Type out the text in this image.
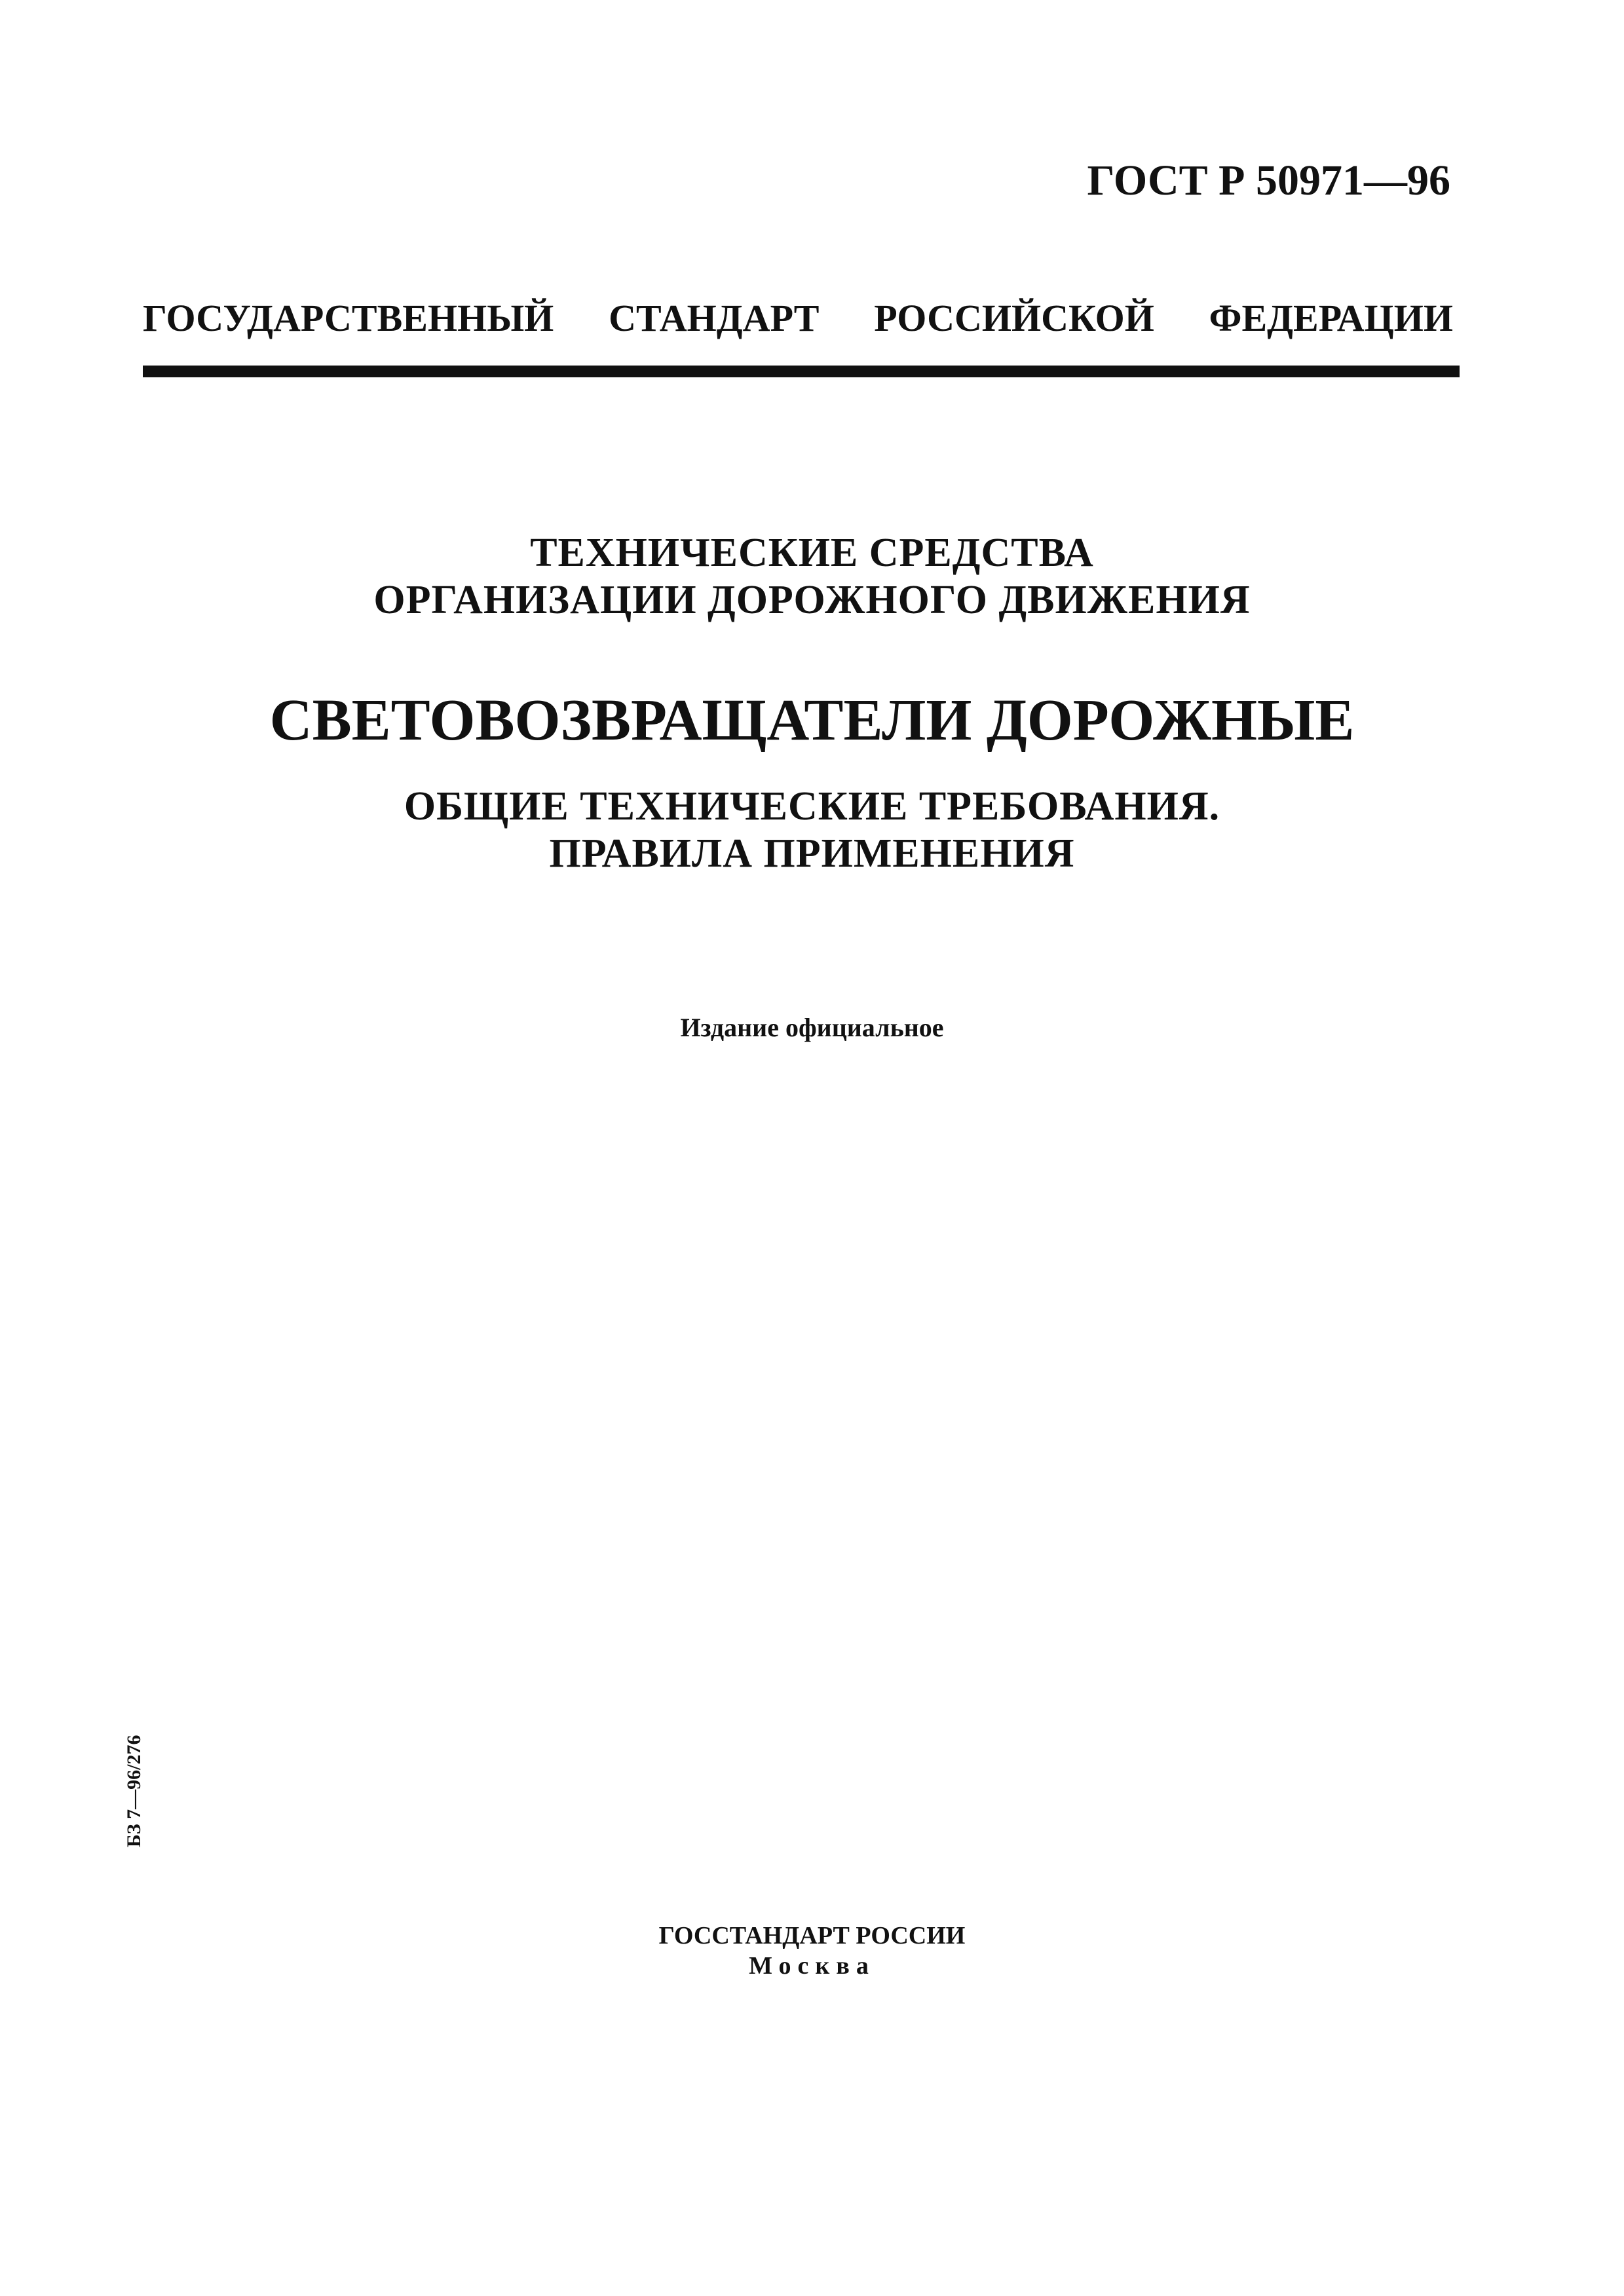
ГОСТ Р 50971—96
ГОСУДАРСТВЕННЫЙ СТАНДАРТ РОССИЙСКОЙ ФЕДЕРАЦИИ
ТЕХНИЧЕСКИЕ СРЕДСТВА
ОРГАНИЗАЦИИ ДОРОЖНОГО ДВИЖЕНИЯ
СВЕТОВОЗВРАЩАТЕЛИ ДОРОЖНЫЕ
ОБЩИЕ ТЕХНИЧЕСКИЕ ТРЕБОВАНИЯ.
ПРАВИЛА ПРИМЕНЕНИЯ
Издание официальное
БЗ 7—96/276
ГОССТАНДАРТ РОССИИ
Москва
